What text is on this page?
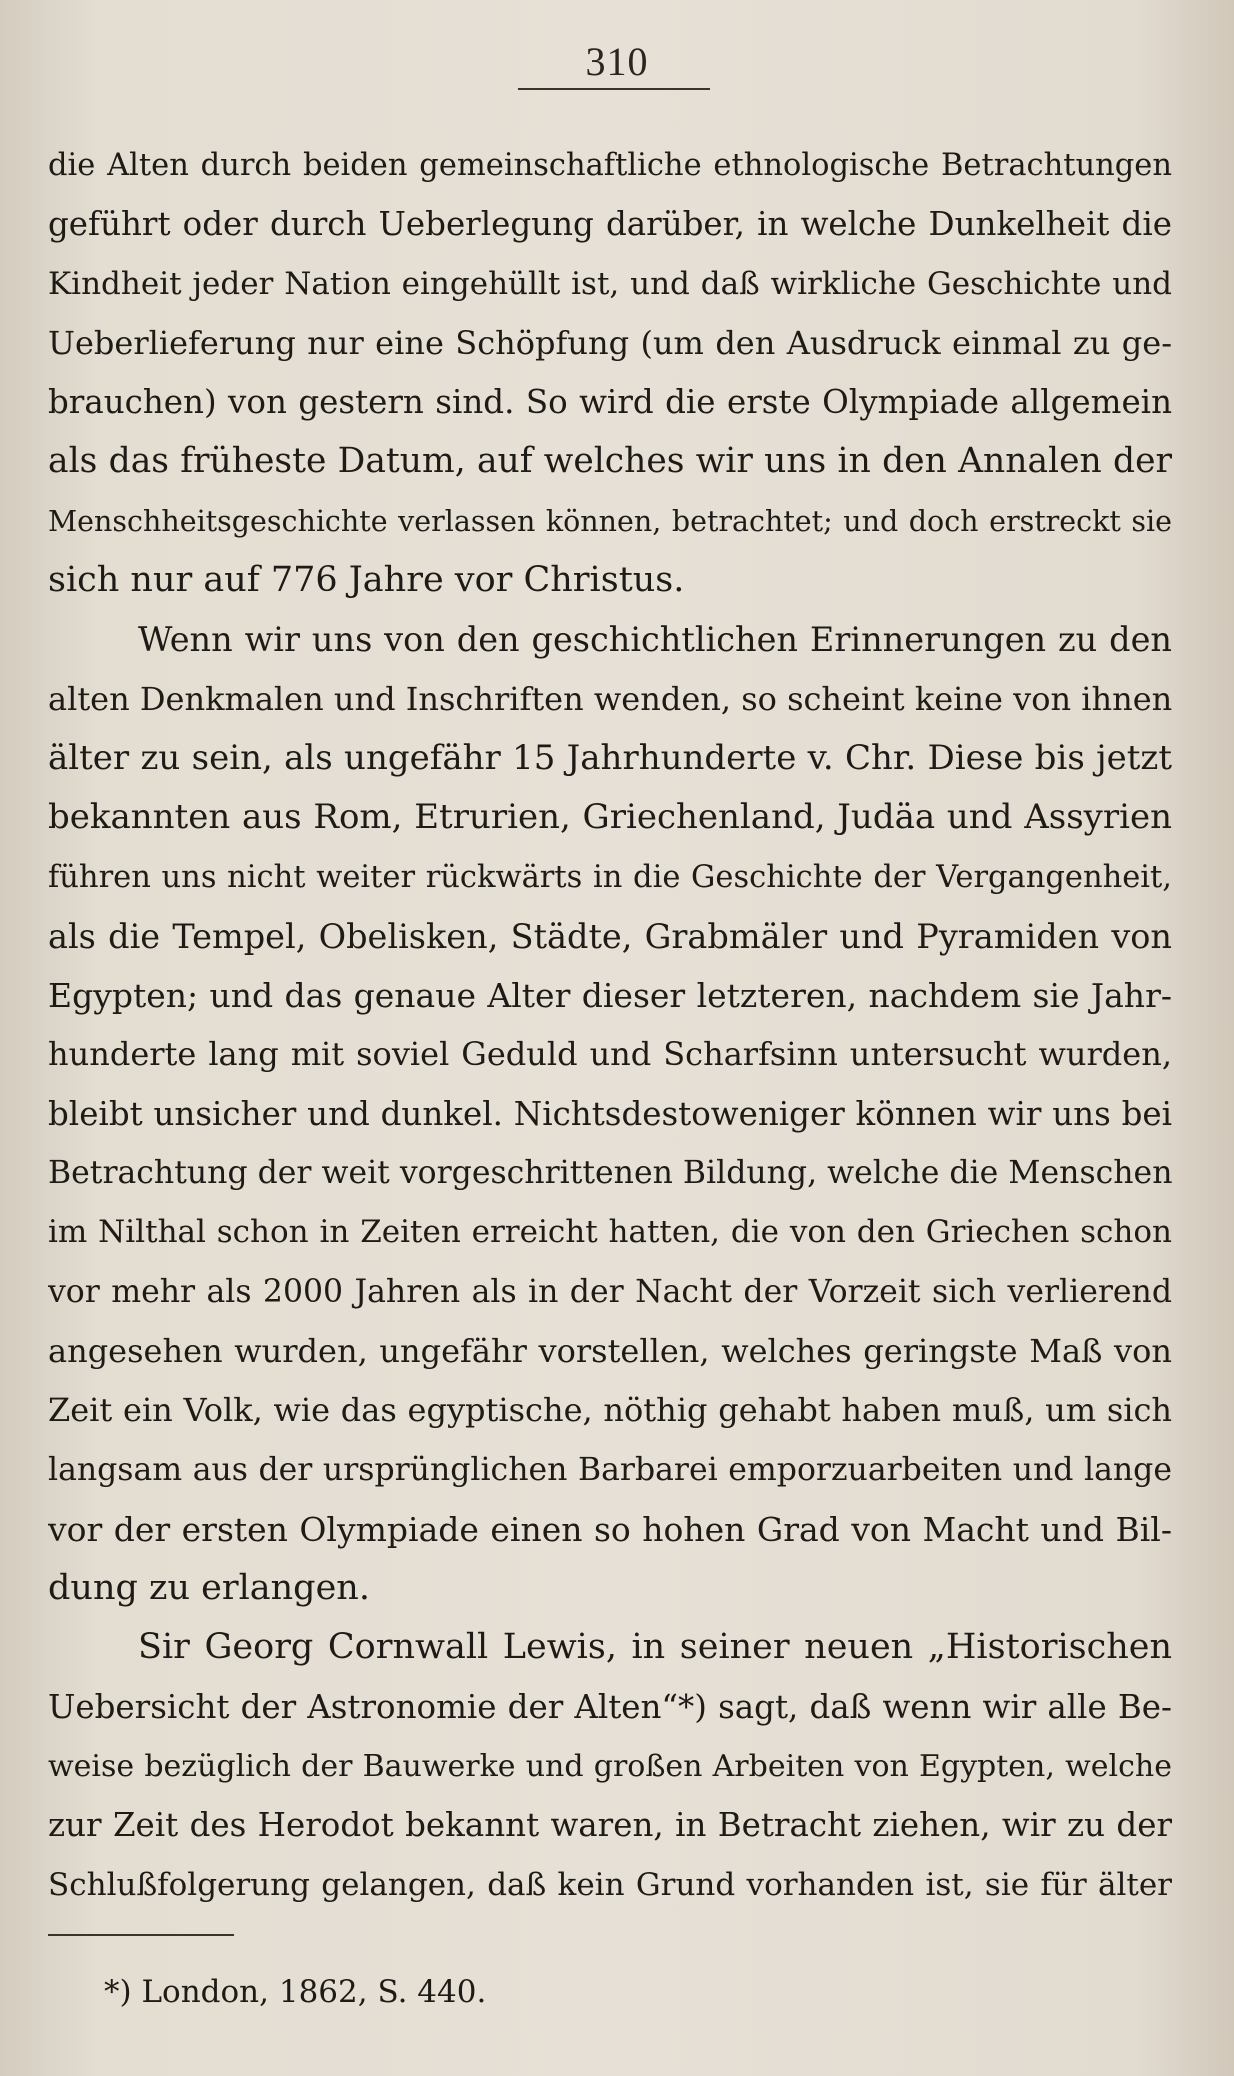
310
die Alten durch beiden gemeinschaftliche ethnologische Betrachtungen
geführt oder durch Ueberlegung darüber, in welche Dunkelheit die
Kindheit jeder Nation eingehüllt ist, und daß wirkliche Geschichte und
Ueberlieferung nur eine Schöpfung (um den Ausdruck einmal zu ge-
brauchen) von gestern sind. So wird die erste Olympiade allgemein
als das früheste Datum, auf welches wir uns in den Annalen der
Menschheitsgeschichte verlassen können, betrachtet; und doch erstreckt sie
sich nur auf 776 Jahre vor Christus.
Wenn wir uns von den geschichtlichen Erinnerungen zu den
alten Denkmalen und Inschriften wenden, so scheint keine von ihnen
älter zu sein, als ungefähr 15 Jahrhunderte v. Chr. Diese bis jetzt
bekannten aus Rom, Etrurien, Griechenland, Judäa und Assyrien
führen uns nicht weiter rückwärts in die Geschichte der Vergangenheit,
als die Tempel, Obelisken, Städte, Grabmäler und Pyramiden von
Egypten; und das genaue Alter dieser letzteren, nachdem sie Jahr-
hunderte lang mit soviel Geduld und Scharfsinn untersucht wurden,
bleibt unsicher und dunkel. Nichtsdestoweniger können wir uns bei
Betrachtung der weit vorgeschrittenen Bildung, welche die Menschen
im Nilthal schon in Zeiten erreicht hatten, die von den Griechen schon
vor mehr als 2000 Jahren als in der Nacht der Vorzeit sich verlierend
angesehen wurden, ungefähr vorstellen, welches geringste Maß von
Zeit ein Volk, wie das egyptische, nöthig gehabt haben muß, um sich
langsam aus der ursprünglichen Barbarei emporzuarbeiten und lange
vor der ersten Olympiade einen so hohen Grad von Macht und Bil-
dung zu erlangen.
Sir Georg Cornwall Lewis, in seiner neuen „Historischen
Uebersicht der Astronomie der Alten“*) sagt, daß wenn wir alle Be-
weise bezüglich der Bauwerke und großen Arbeiten von Egypten, welche
zur Zeit des Herodot bekannt waren, in Betracht ziehen, wir zu der
Schlußfolgerung gelangen, daß kein Grund vorhanden ist, sie für älter
*) London, 1862, S. 440.
